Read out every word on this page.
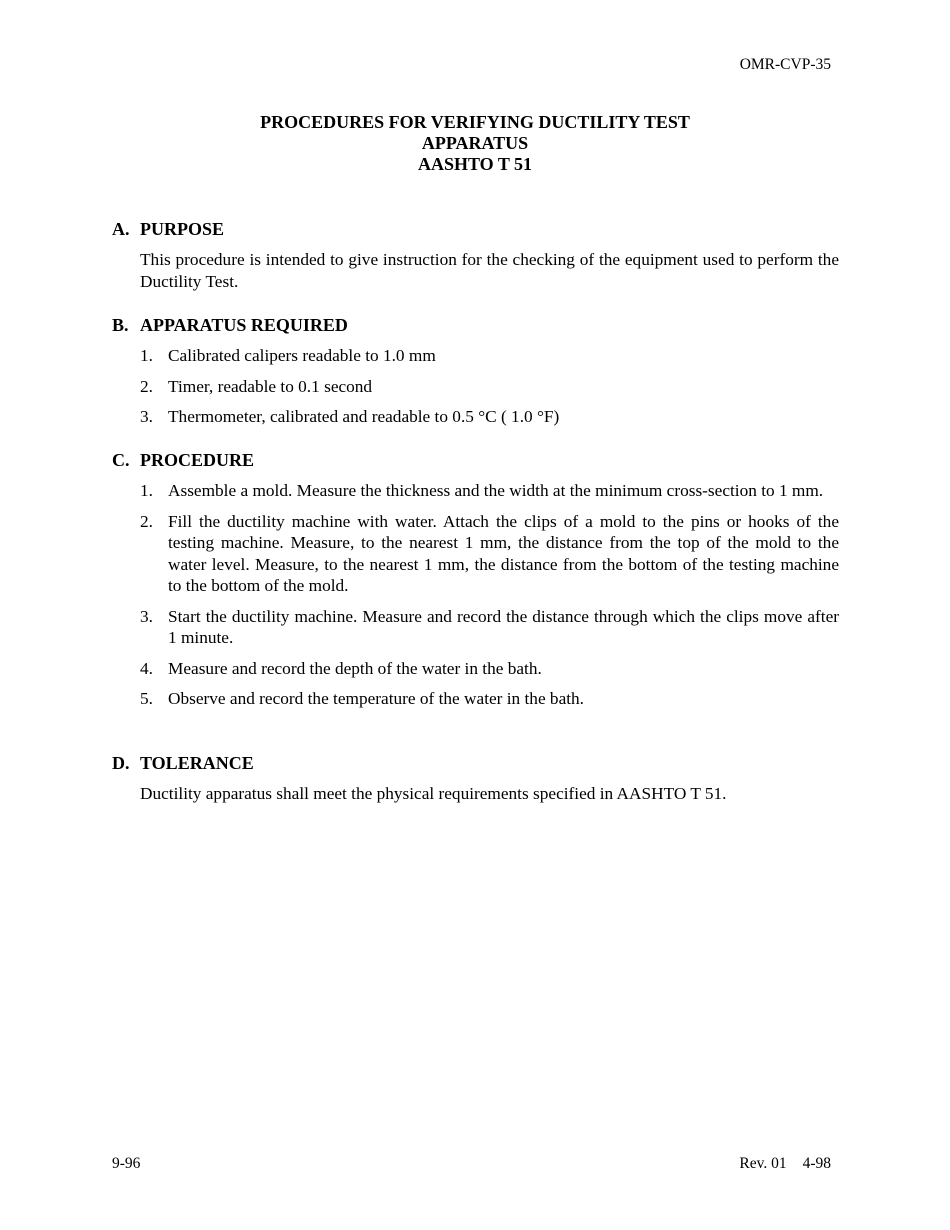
OMR-CVP-35
PROCEDURES FOR VERIFYING DUCTILITY TEST
APPARATUS
AASHTO T 51
A. PURPOSE
This procedure is intended to give instruction for the checking of the equipment used to perform the Ductility Test.
B. APPARATUS REQUIRED
1. Calibrated calipers readable to 1.0 mm
2. Timer, readable to 0.1 second
3. Thermometer, calibrated and readable to 0.5 °C ( 1.0 °F)
C. PROCEDURE
1. Assemble a mold. Measure the thickness and the width at the minimum cross-section to 1 mm.
2. Fill the ductility machine with water. Attach the clips of a mold to the pins or hooks of the testing machine. Measure, to the nearest 1 mm, the distance from the top of the mold to the water level. Measure, to the nearest 1 mm, the distance from the bottom of the testing machine to the bottom of the mold.
3. Start the ductility machine. Measure and record the distance through which the clips move after 1 minute.
4. Measure and record the depth of the water in the bath.
5. Observe and record the temperature of the water in the bath.
D. TOLERANCE
Ductility apparatus shall meet the physical requirements specified in AASHTO T 51.
9-96	Rev. 01 4-98
